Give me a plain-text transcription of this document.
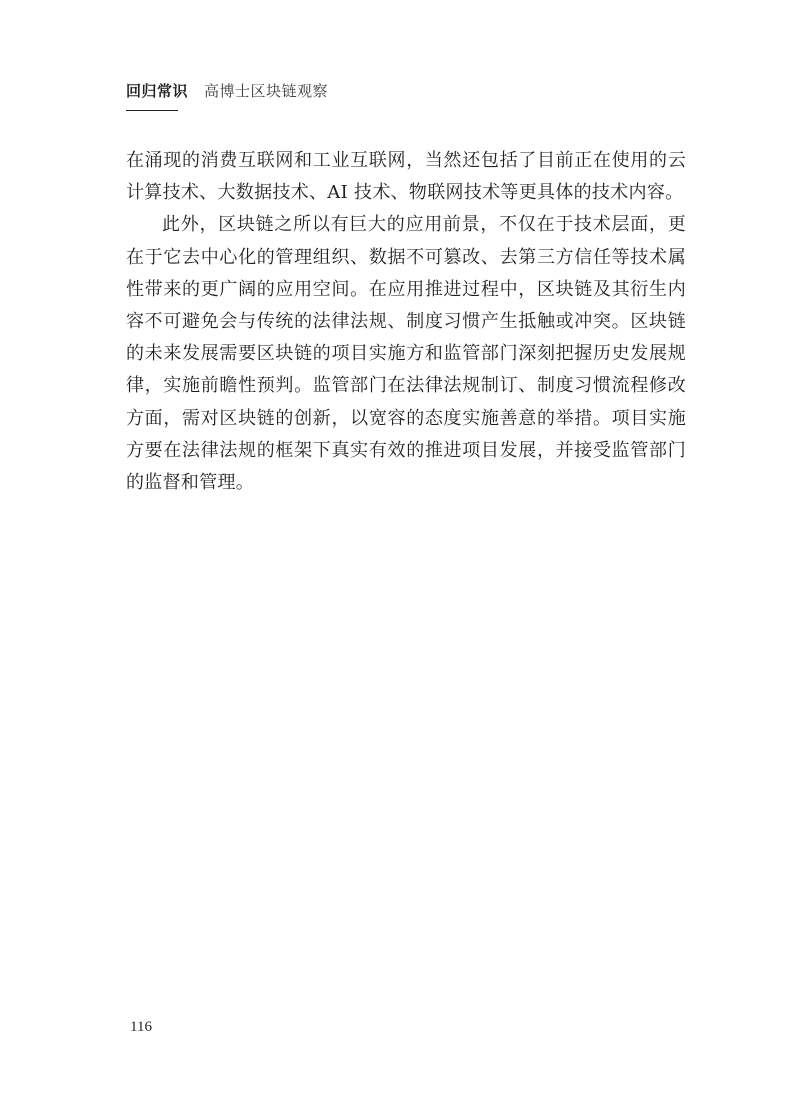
回归常识 高博士区块链观察

在涌现的消费互联网和工业互联网，当然还包括了目前正在使用的云计算技术、大数据技术、AI 技术、物联网技术等更具体的技术内容。

此外，区块链之所以有巨大的应用前景，不仅在于技术层面，更在于它去中心化的管理组织、数据不可篡改、去第三方信任等技术属性带来的更广阔的应用空间。在应用推进过程中，区块链及其衍生内容不可避免会与传统的法律法规、制度习惯产生抵触或冲突。区块链的未来发展需要区块链的项目实施方和监管部门深刻把握历史发展规律，实施前瞻性预判。监管部门在法律法规制订、制度习惯流程修改方面，需对区块链的创新，以宽容的态度实施善意的举措。项目实施方要在法律法规的框架下真实有效的推进项目发展，并接受监管部门的监督和管理。

116
